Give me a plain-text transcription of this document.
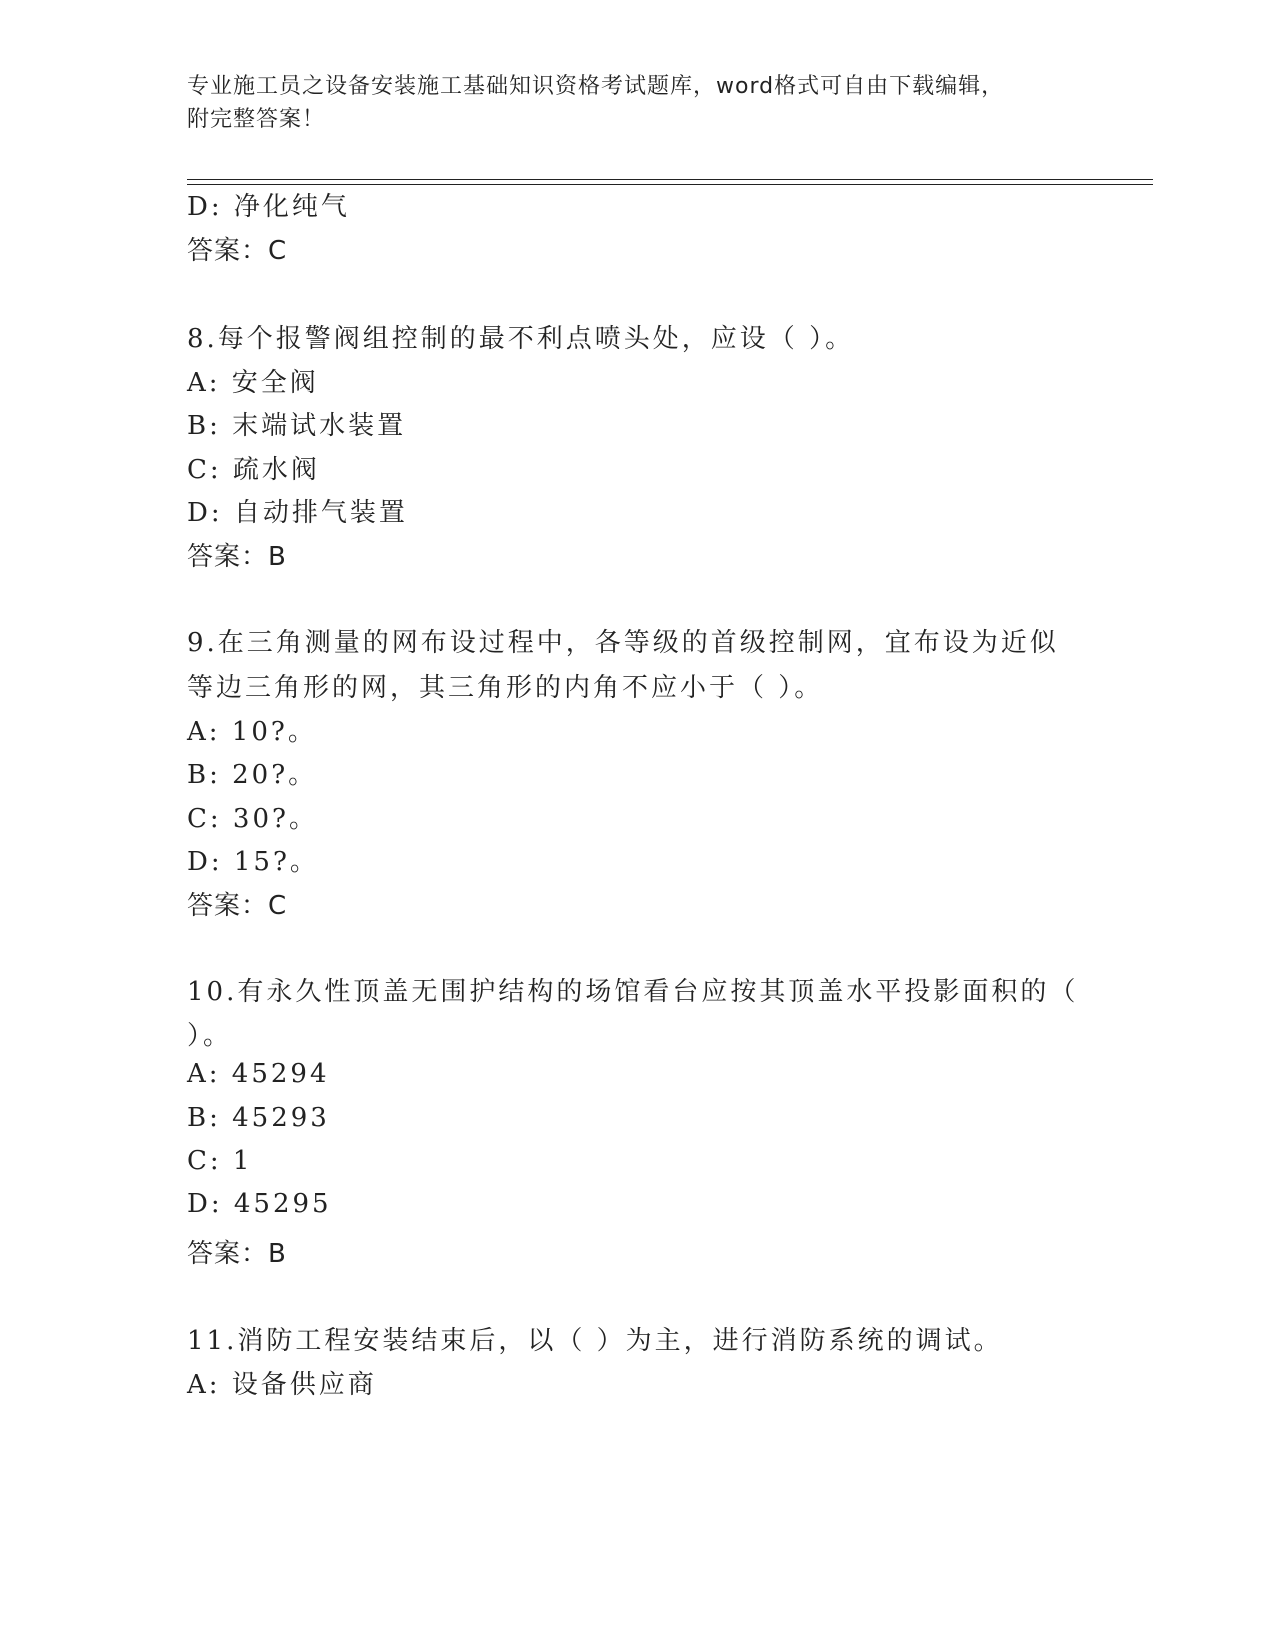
专业施工员之设备安装施工基础知识资格考试题库，word格式可自由下载编辑，
附完整答案！
D: 净化纯气
答案：C
8.每个报警阀组控制的最不利点喷头处，应设（ ）。
A: 安全阀
B: 末端试水装置
C: 疏水阀
D: 自动排气装置
答案：B
9.在三角测量的网布设过程中，各等级的首级控制网，宜布设为近似
等边三角形的网，其三角形的内角不应小于（ ）。
A: 10?。
B: 20?。
C: 30?。
D: 15?。
答案：C
10.有永久性顶盖无围护结构的场馆看台应按其顶盖水平投影面积的（
）。
A: 45294
B: 45293
C: 1
D: 45295
答案：B
11.消防工程安装结束后，以（ ）为主，进行消防系统的调试。
A: 设备供应商
